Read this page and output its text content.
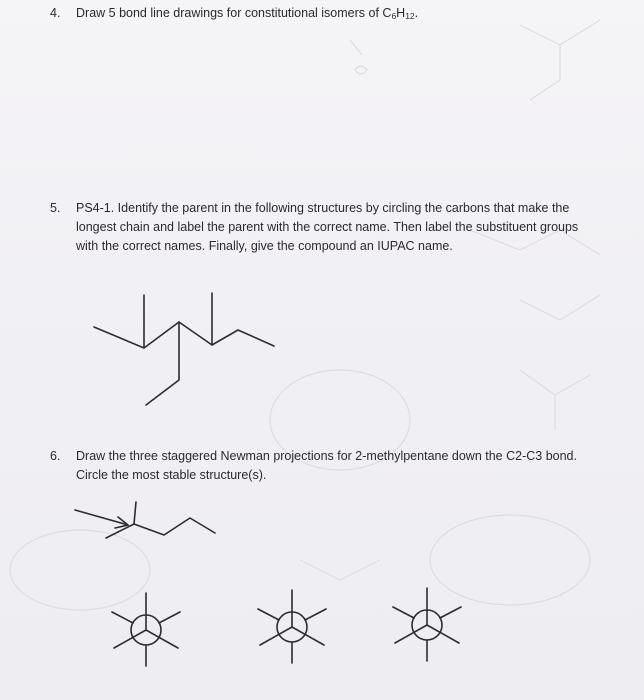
4. Draw 5 bond line drawings for constitutional isomers of $C_6H_{12}$.
5. PS4-1. Identify the parent in the following structures by circling the carbons that make the
longest chain and label the parent with the correct name. Then label the substituent groups
with the correct names. Finally, give the compound an IUPAC name.
6. Draw the three staggered Newman projections for 2-methylpentane down the C2-C3 bond.
Circle the most stable structure(s).
